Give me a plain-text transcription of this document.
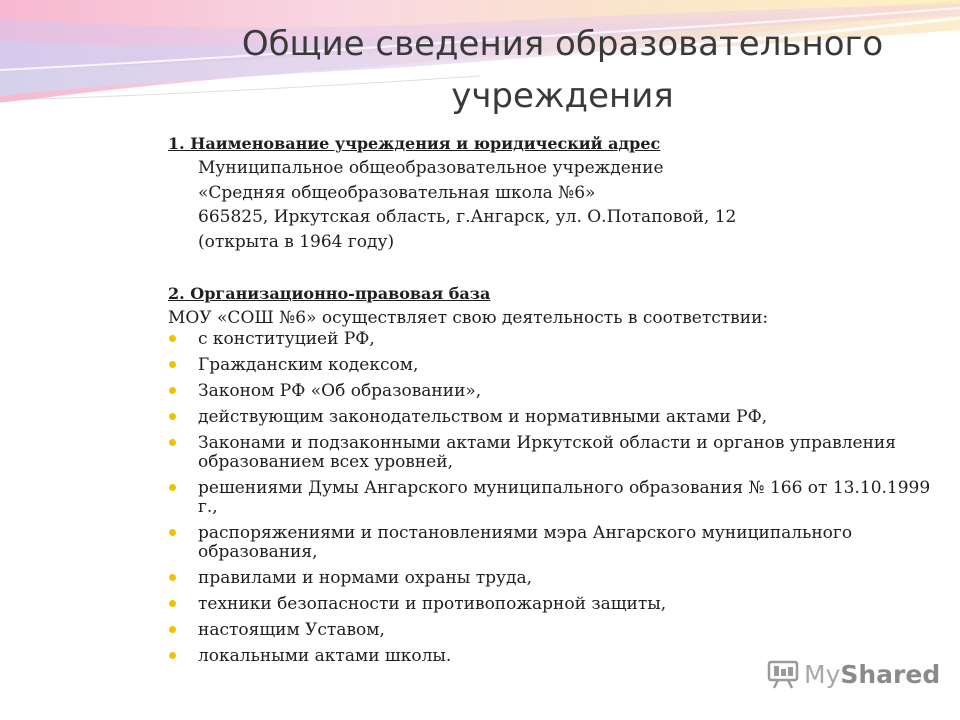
Общие сведения образовательного
учреждения

1. Наименование учреждения и юридический адрес

Муниципальное общеобразовательное учреждение

«Средняя общеобразовательная школа №6»

665825, Иркутская область, г.Ангарск, ул. О.Потаповой, 12

(открыта в 1964 году)

2. Организационно-правовая база

МОУ «СОШ №6» осуществляет свою деятельность в соответствии:

с конституцией РФ,
Гражданским кодексом,
Законом РФ «Об образовании»,
действующим законодательством и нормативными актами РФ,
Законами и подзаконными актами Иркутской области и органов управления образованием всех уровней,
решениями Думы Ангарского муниципального образования № 166 от 13.10.1999 г.,
распоряжениями и постановлениями мэра Ангарского муниципального образования,
правилами и нормами охраны труда,
техники безопасности и противопожарной защиты,
настоящим Уставом,
локальными актами школы.
MyShared
